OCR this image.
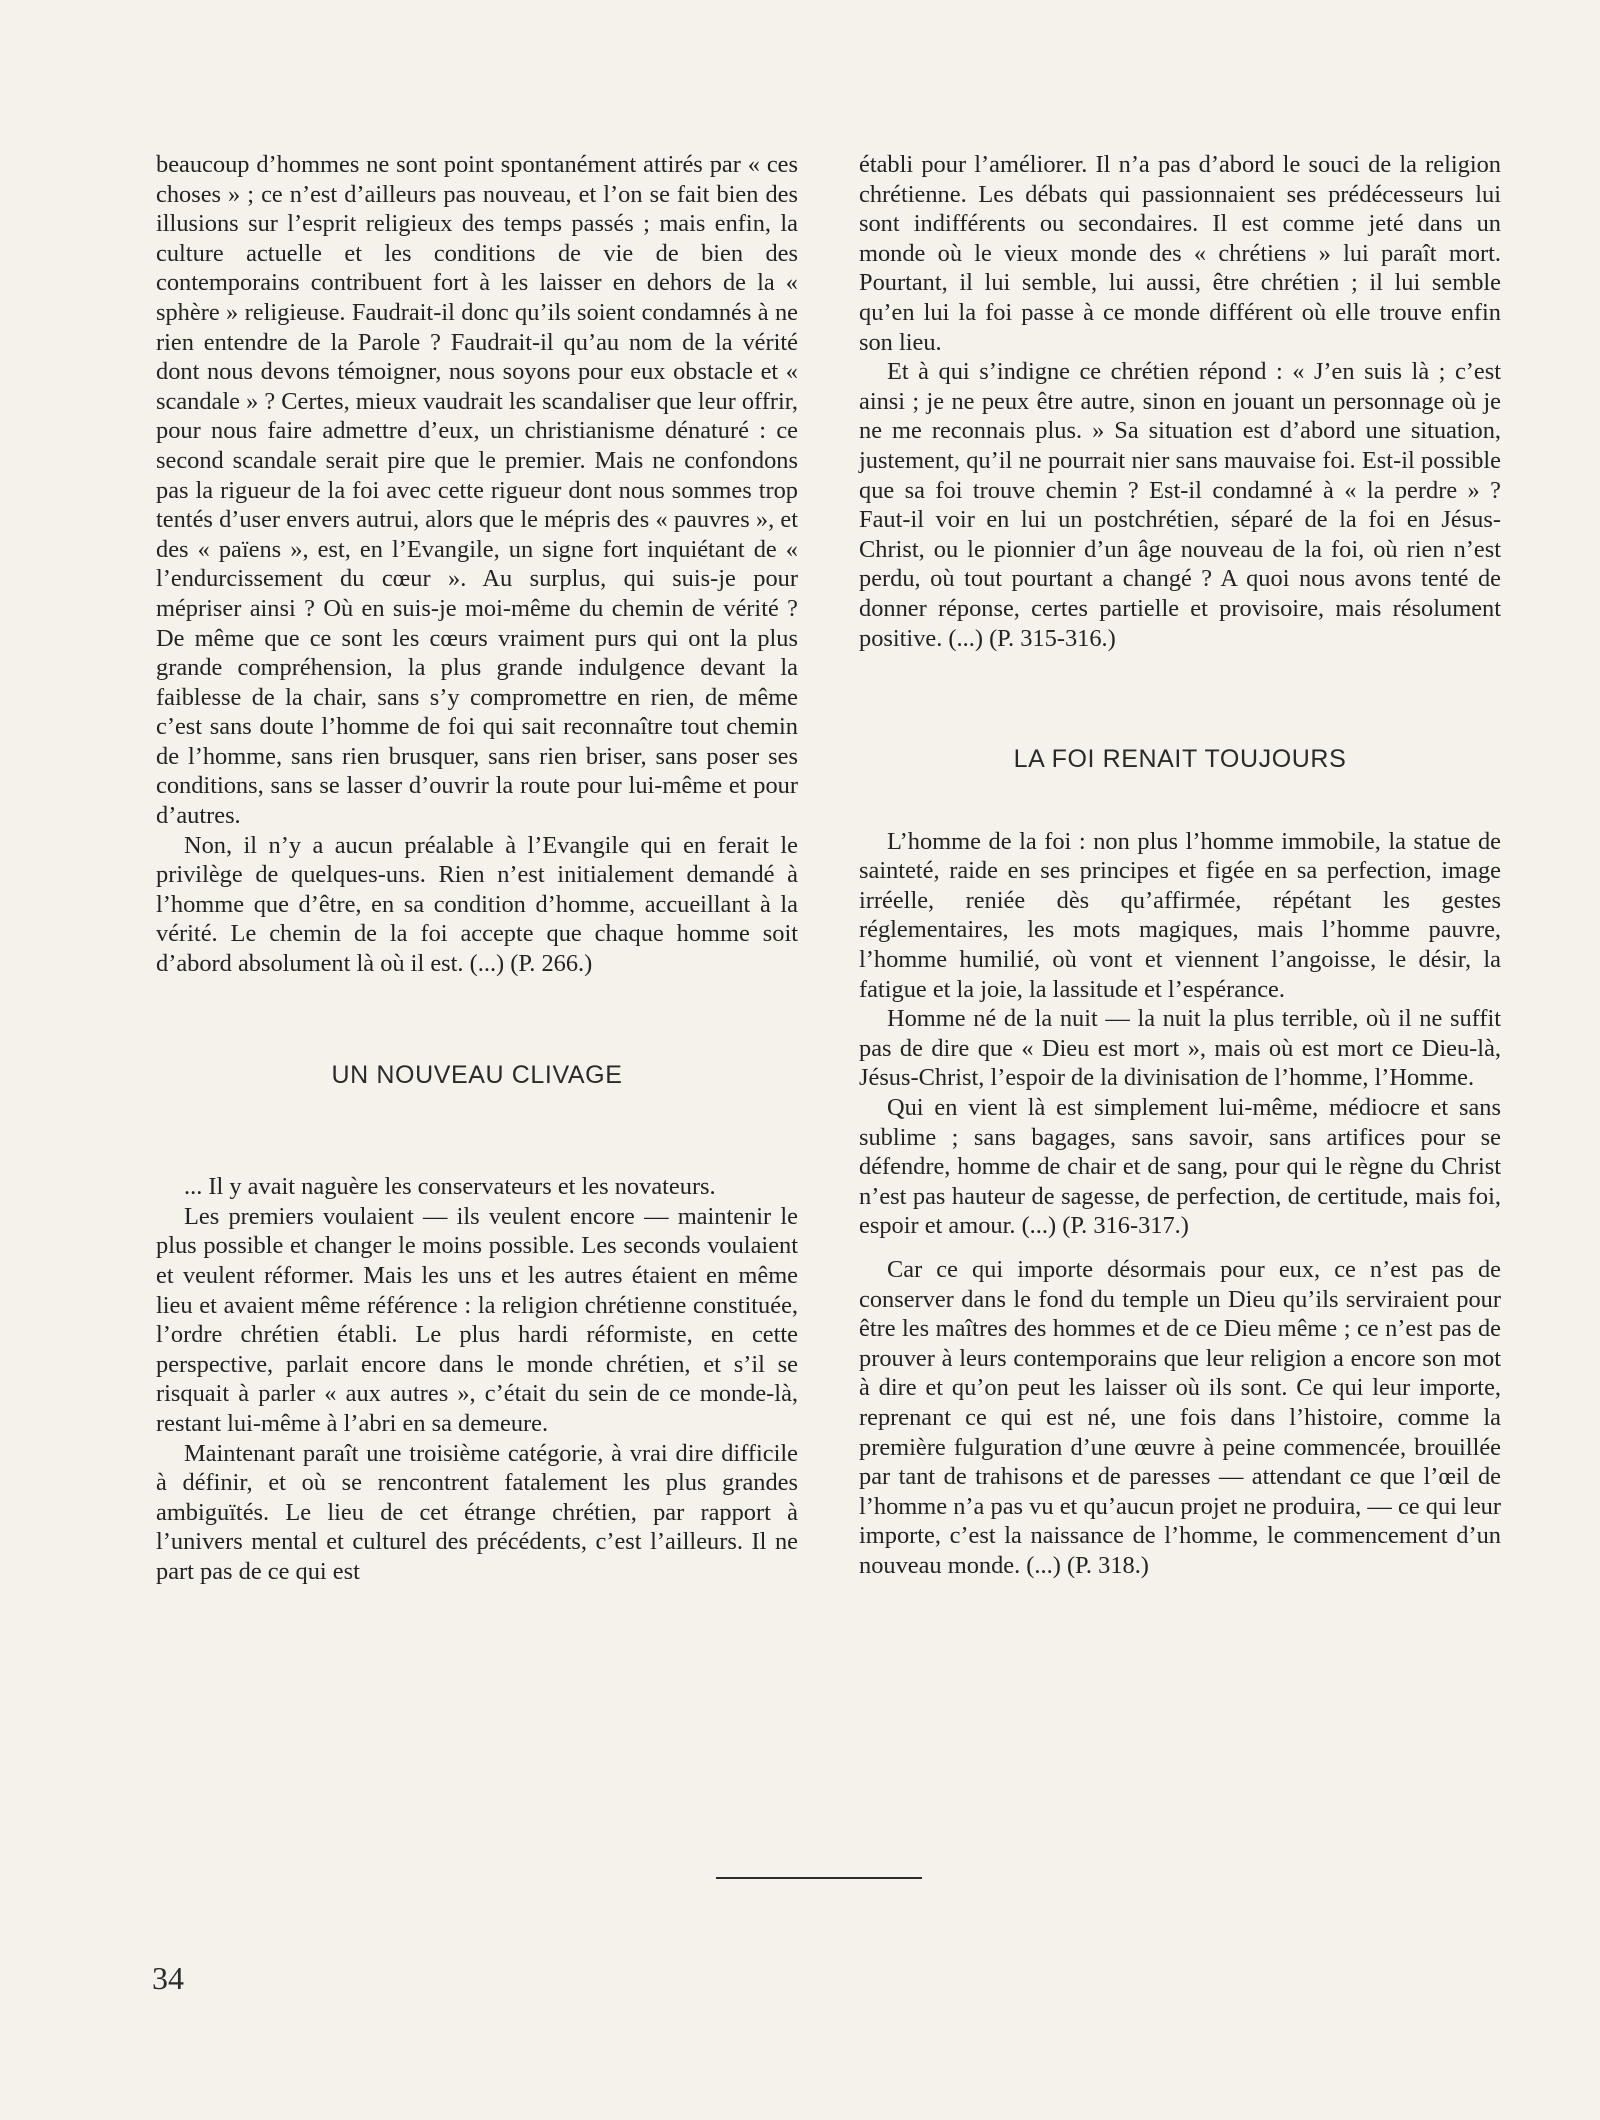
beaucoup d’hommes ne sont point spontanément attirés par « ces choses » ; ce n’est d’ailleurs pas nouveau, et l’on se fait bien des illusions sur l’esprit religieux des temps passés ; mais enfin, la culture actuelle et les conditions de vie de bien des contemporains contribuent fort à les laisser en dehors de la « sphère » religieuse. Faudrait-il donc qu’ils soient condamnés à ne rien entendre de la Parole ? Faudrait-il qu’au nom de la vérité dont nous devons témoigner, nous soyons pour eux obstacle et « scandale » ? Certes, mieux vaudrait les scandaliser que leur offrir, pour nous faire admettre d’eux, un christianisme dénaturé : ce second scandale serait pire que le premier. Mais ne confondons pas la rigueur de la foi avec cette rigueur dont nous sommes trop tentés d’user envers autrui, alors que le mépris des « pauvres », et des « païens », est, en l’Evangile, un signe fort inquiétant de « l’endurcissement du cœur ». Au surplus, qui suis-je pour mépriser ainsi ? Où en suis-je moi-même du chemin de vérité ? De même que ce sont les cœurs vraiment purs qui ont la plus grande compréhension, la plus grande indulgence devant la faiblesse de la chair, sans s’y compromettre en rien, de même c’est sans doute l’homme de foi qui sait reconnaître tout chemin de l’homme, sans rien brusquer, sans rien briser, sans poser ses conditions, sans se lasser d’ouvrir la route pour lui-même et pour d’autres.

Non, il n’y a aucun préalable à l’Evangile qui en ferait le privilège de quelques-uns. Rien n’est initialement demandé à l’homme que d’être, en sa condition d’homme, accueillant à la vérité. Le chemin de la foi accepte que chaque homme soit d’abord absolument là où il est. (...) (P. 266.)

UN NOUVEAU CLIVAGE

... Il y avait naguère les conservateurs et les novateurs.

Les premiers voulaient — ils veulent encore — maintenir le plus possible et changer le moins possible. Les seconds voulaient et veulent réformer. Mais les uns et les autres étaient en même lieu et avaient même référence : la religion chrétienne constituée, l’ordre chrétien établi. Le plus hardi réformiste, en cette perspective, parlait encore dans le monde chrétien, et s’il se risquait à parler « aux autres », c’était du sein de ce monde-là, restant lui-même à l’abri en sa demeure.

Maintenant paraît une troisième catégorie, à vrai dire difficile à définir, et où se rencontrent fatalement les plus grandes ambiguïtés. Le lieu de cet étrange chrétien, par rapport à l’univers mental et culturel des précédents, c’est l’ailleurs. Il ne part pas de ce qui est

établi pour l’améliorer. Il n’a pas d’abord le souci de la religion chrétienne. Les débats qui passionnaient ses prédécesseurs lui sont indifférents ou secondaires. Il est comme jeté dans un monde où le vieux monde des « chrétiens » lui paraît mort. Pourtant, il lui semble, lui aussi, être chrétien ; il lui semble qu’en lui la foi passe à ce monde différent où elle trouve enfin son lieu.

Et à qui s’indigne ce chrétien répond : « J’en suis là ; c’est ainsi ; je ne peux être autre, sinon en jouant un personnage où je ne me reconnais plus. » Sa situation est d’abord une situation, justement, qu’il ne pourrait nier sans mauvaise foi. Est-il possible que sa foi trouve chemin ? Est-il condamné à « la perdre » ? Faut-il voir en lui un postchrétien, séparé de la foi en Jésus-Christ, ou le pionnier d’un âge nouveau de la foi, où rien n’est perdu, où tout pourtant a changé ? A quoi nous avons tenté de donner réponse, certes partielle et provisoire, mais résolument positive. (...) (P. 315-316.)

LA FOI RENAIT TOUJOURS

L’homme de la foi : non plus l’homme immobile, la statue de sainteté, raide en ses principes et figée en sa perfection, image irréelle, reniée dès qu’affirmée, répétant les gestes réglementaires, les mots magiques, mais l’homme pauvre, l’homme humilié, où vont et viennent l’angoisse, le désir, la fatigue et la joie, la lassitude et l’espérance.

Homme né de la nuit — la nuit la plus terrible, où il ne suffit pas de dire que « Dieu est mort », mais où est mort ce Dieu-là, Jésus-Christ, l’espoir de la divinisation de l’homme, l’Homme.

Qui en vient là est simplement lui-même, médiocre et sans sublime ; sans bagages, sans savoir, sans artifices pour se défendre, homme de chair et de sang, pour qui le règne du Christ n’est pas hauteur de sagesse, de perfection, de certitude, mais foi, espoir et amour. (...) (P. 316-317.)

Car ce qui importe désormais pour eux, ce n’est pas de conserver dans le fond du temple un Dieu qu’ils serviraient pour être les maîtres des hommes et de ce Dieu même ; ce n’est pas de prouver à leurs contemporains que leur religion a encore son mot à dire et qu’on peut les laisser où ils sont. Ce qui leur importe, reprenant ce qui est né, une fois dans l’histoire, comme la première fulguration d’une œuvre à peine commencée, brouillée par tant de trahisons et de paresses — attendant ce que l’œil de l’homme n’a pas vu et qu’aucun projet ne produira, — ce qui leur importe, c’est la naissance de l’homme, le commencement d’un nouveau monde. (...) (P. 318.)

34
